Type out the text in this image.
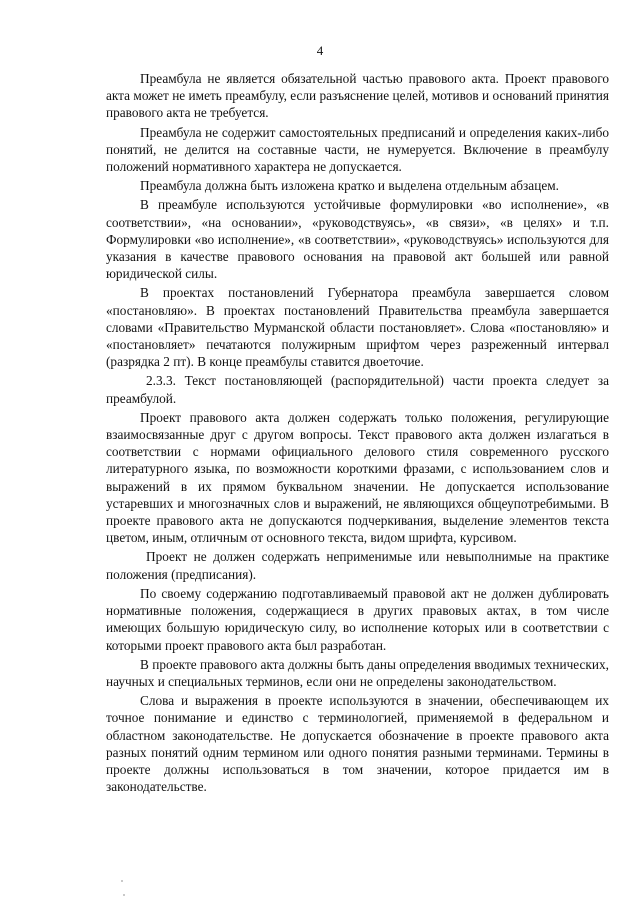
4

Преамбула не является обязательной частью правового акта. Проект правового акта может не иметь преамбулу, если разъяснение целей, мотивов и оснований принятия правового акта не требуется.

Преамбула не содержит самостоятельных предписаний и определения каких-либо понятий, не делится на составные части, не нумеруется. Включение в преамбулу положений нормативного характера не допускается.

Преамбула должна быть изложена кратко и выделена отдельным абзацем.

В преамбуле используются устойчивые формулировки «во исполнение», «в соответствии», «на основании», «руководствуясь», «в связи», «в целях» и т.п. Формулировки «во исполнение», «в соответствии», «руководствуясь» используются для указания в качестве правового основания на правовой акт большей или равной юридической силы.

В проектах постановлений Губернатора преамбула завершается словом «постановляю». В проектах постановлений Правительства преамбула завершается словами «Правительство Мурманской области постановляет». Слова «постановляю» и «постановляет» печатаются полужирным шрифтом через разреженный интервал (разрядка 2 пт). В конце преамбулы ставится двоеточие.

2.3.3. Текст постановляющей (распорядительной) части проекта следует за преамбулой.

Проект правового акта должен содержать только положения, регулирующие взаимосвязанные друг с другом вопросы. Текст правового акта должен излагаться в соответствии с нормами официального делового стиля современного русского литературного языка, по возможности короткими фразами, с использованием слов и выражений в их прямом буквальном значении. Не допускается использование устаревших и многозначных слов и выражений, не являющихся общеупотребимыми. В проекте правового акта не допускаются подчеркивания, выделение элементов текста цветом, иным, отличным от основного текста, видом шрифта, курсивом.

Проект не должен содержать неприменимые или невыполнимые на практике положения (предписания).

По своему содержанию подготавливаемый правовой акт не должен дублировать нормативные положения, содержащиеся в других правовых актах, в том числе имеющих большую юридическую силу, во исполнение которых или в соответствии с которыми проект правового акта был разработан.

В проекте правового акта должны быть даны определения вводимых технических, научных и специальных терминов, если они не определены законодательством.

Слова и выражения в проекте используются в значении, обеспечивающем их точное понимание и единство с терминологией, применяемой в федеральном и областном законодательстве. Не допускается обозначение в проекте правового акта разных понятий одним термином или одного понятия разными терминами. Термины в проекте должны использоваться в том значении, которое придается им в законодательстве.
